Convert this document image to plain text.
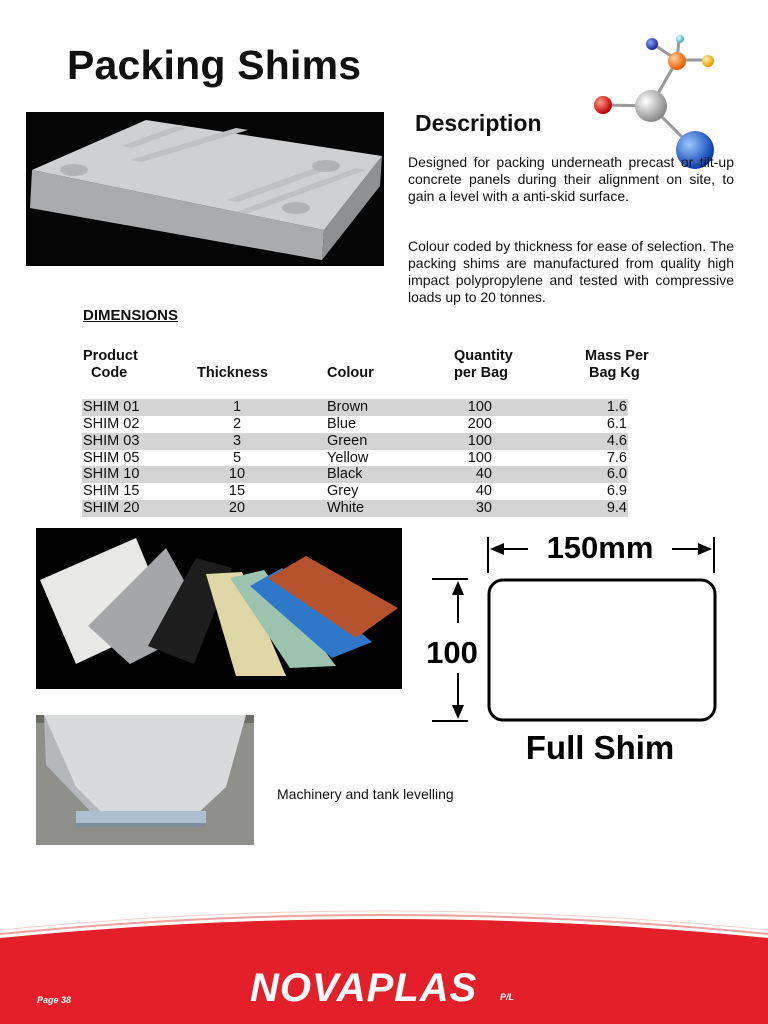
Packing Shims
Description
Designed for packing underneath precast or tilt-up concrete panels during their alignment on site, to gain a level with a anti-skid surface.
Colour coded by thickness for ease of selection. The packing shims are manufactured from quality high impact polypropylene and tested with compressive loads up to 20 tonnes.
DIMENSIONS
Product
Code	Thickness	Colour
Quantity
per Bag
Mass Per
Bag Kg
SHIM 01	1	Brown	100	1.6
SHIM 02	2	Blue	200	6.1
SHIM 03	3	Green	100	4.6
SHIM 05	5	Yellow	100	7.6
SHIM 10	10	Black	40	6.0
SHIM 15	15	Grey	40	6.9
SHIM 20	20	White	30	9.4
Machinery and tank levelling
150mm
100
Full Shim
Page 38	NOVAPLAS	P/L
